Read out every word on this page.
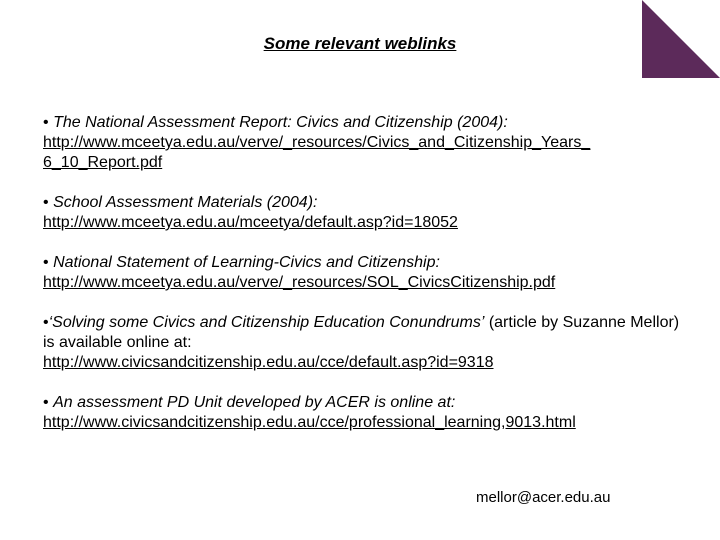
Some relevant weblinks

• The National Assessment Report: Civics and Citizenship (2004):
http://www.mceetya.edu.au/verve/_resources/Civics_and_Citizenship_Years_
6_10_Report.pdf

• School Assessment Materials (2004):
http://www.mceetya.edu.au/mceetya/default.asp?id=18052

• National Statement of Learning-Civics and Citizenship:
http://www.mceetya.edu.au/verve/_resources/SOL_CivicsCitizenship.pdf

•‘Solving some Civics and Citizenship Education Conundrums’ (article by Suzanne Mellor) is available online at:
http://www.civicsandcitizenship.edu.au/cce/default.asp?id=9318

• An assessment PD Unit developed by ACER is online at:
http://www.civicsandcitizenship.edu.au/cce/professional_learning,9013.html

mellor@acer.edu.au
